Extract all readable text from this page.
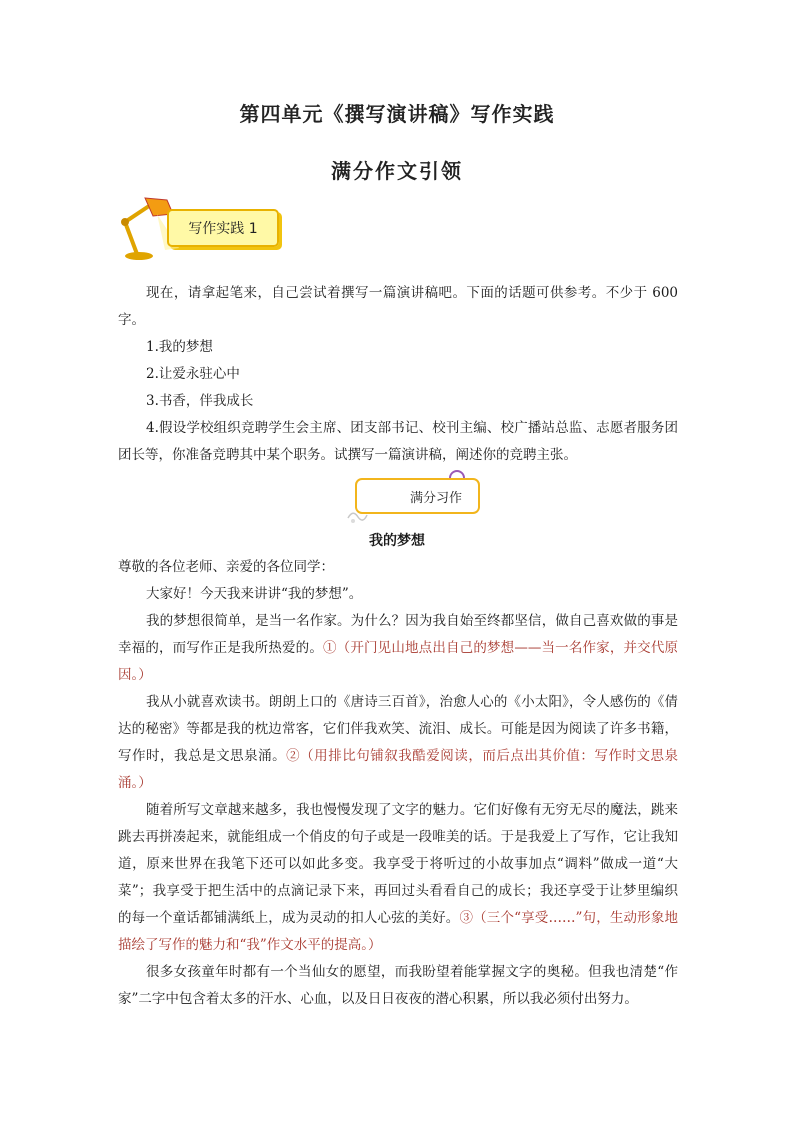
第四单元《撰写演讲稿》写作实践
满分作文引领
写作实践 1

现在，请拿起笔来，自己尝试着撰写一篇演讲稿吧。下面的话题可供参考。不少于 600 字。

1.我的梦想

2.让爱永驻心中

3.书香，伴我成长

4.假设学校组织竞聘学生会主席、团支部书记、校刊主编、校广播站总监、志愿者服务团团长等，你准备竞聘其中某个职务。试撰写一篇演讲稿，阐述你的竞聘主张。

满分习作
我的梦想

尊敬的各位老师、亲爱的各位同学：

大家好！今天我来讲讲“我的梦想”。

我的梦想很简单，是当一名作家。为什么？因为我自始至终都坚信，做自己喜欢做的事是幸福的，而写作正是我所热爱的。①（开门见山地点出自己的梦想——当一名作家，并交代原因。）

我从小就喜欢读书。朗朗上口的《唐诗三百首》，治愈人心的《小太阳》，令人感伤的《倩达的秘密》等都是我的枕边常客，它们伴我欢笑、流泪、成长。可能是因为阅读了许多书籍，写作时，我总是文思泉涌。②（用排比句铺叙我酷爱阅读，而后点出其价值：写作时文思泉涌。）

随着所写文章越来越多，我也慢慢发现了文字的魅力。它们好像有无穷无尽的魔法，跳来跳去再拼凑起来，就能组成一个俏皮的句子或是一段唯美的话。于是我爱上了写作，它让我知道，原来世界在我笔下还可以如此多变。我享受于将听过的小故事加点“调料”做成一道“大菜”；我享受于把生活中的点滴记录下来，再回过头看看自己的成长；我还享受于让梦里编织的每一个童话都铺满纸上，成为灵动的扣人心弦的美好。③（三个“享受……”句，生动形象地描绘了写作的魅力和“我”作文水平的提高。）

很多女孩童年时都有一个当仙女的愿望，而我盼望着能掌握文字的奥秘。但我也清楚“作家”二字中包含着太多的汗水、心血，以及日日夜夜的潜心积累，所以我必须付出努力。
